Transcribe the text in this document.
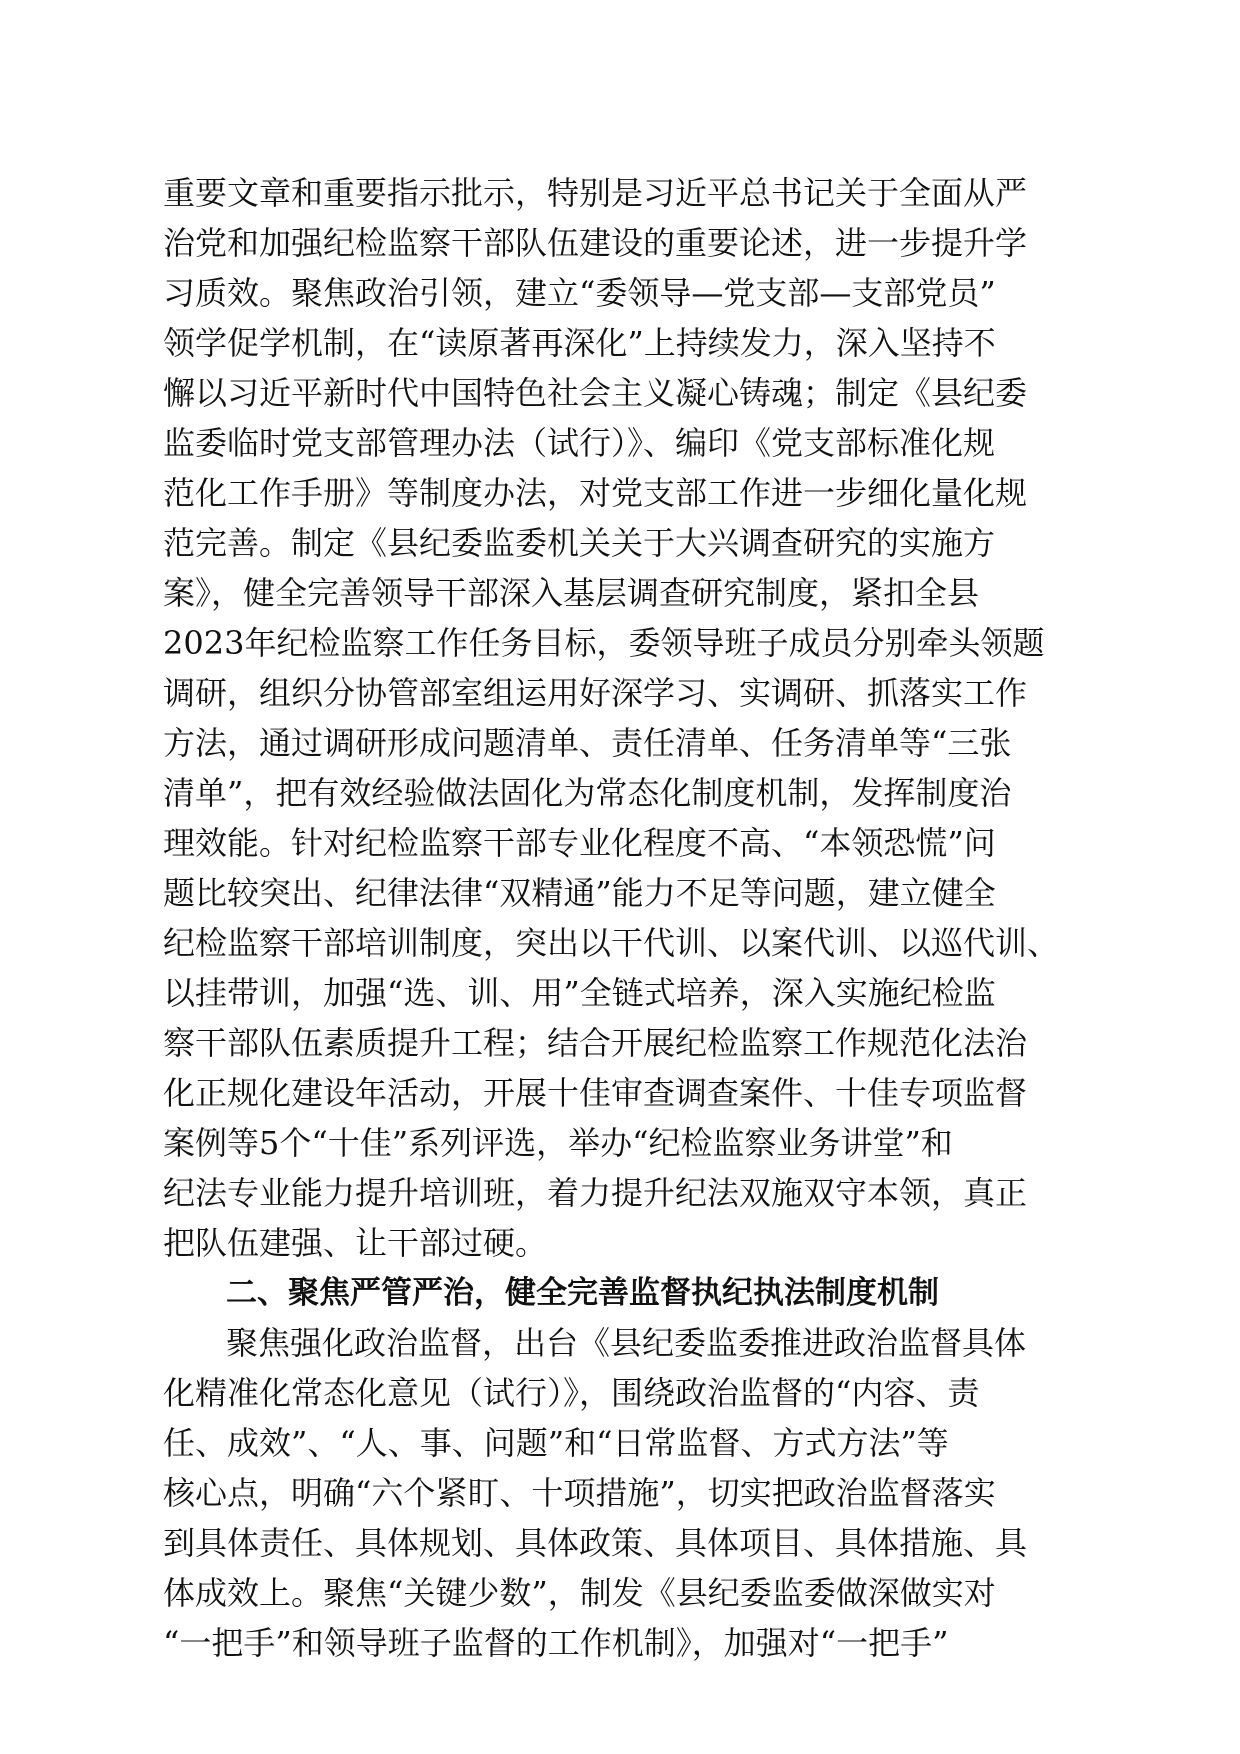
重要文章和重要指示批示，特别是习近平总书记关于全面从严
治党和加强纪检监察干部队伍建设的重要论述，进一步提升学
习质效。聚焦政治引领，建立“委领导—党支部—支部党员”
领学促学机制，在“读原著再深化”上持续发力，深入坚持不
懈以习近平新时代中国特色社会主义凝心铸魂；制定《县纪委
监委临时党支部管理办法（试行）》、编印《党支部标准化规
范化工作手册》等制度办法，对党支部工作进一步细化量化规
范完善。制定《县纪委监委机关关于大兴调查研究的实施方
案》，健全完善领导干部深入基层调查研究制度，紧扣全县
2023年纪检监察工作任务目标，委领导班子成员分别牵头领题
调研，组织分协管部室组运用好深学习、实调研、抓落实工作
方法，通过调研形成问题清单、责任清单、任务清单等“三张
清单”，把有效经验做法固化为常态化制度机制，发挥制度治
理效能。针对纪检监察干部专业化程度不高、“本领恐慌”问
题比较突出、纪律法律“双精通”能力不足等问题，建立健全
纪检监察干部培训制度，突出以干代训、以案代训、以巡代训、
以挂带训，加强“选、训、用”全链式培养，深入实施纪检监
察干部队伍素质提升工程；结合开展纪检监察工作规范化法治
化正规化建设年活动，开展十佳审查调查案件、十佳专项监督
案例等5个“十佳”系列评选，举办“纪检监察业务讲堂”和
纪法专业能力提升培训班，着力提升纪法双施双守本领，真正
把队伍建强、让干部过硬。
二、聚焦严管严治，健全完善监督执纪执法制度机制
聚焦强化政治监督，出台《县纪委监委推进政治监督具体
化精准化常态化意见（试行）》，围绕政治监督的“内容、责
任、成效”、“人、事、问题”和“日常监督、方式方法”等
核心点，明确“六个紧盯、十项措施”，切实把政治监督落实
到具体责任、具体规划、具体政策、具体项目、具体措施、具
体成效上。聚焦“关键少数”，制发《县纪委监委做深做实对
“一把手”和领导班子监督的工作机制》，加强对“一把手”
